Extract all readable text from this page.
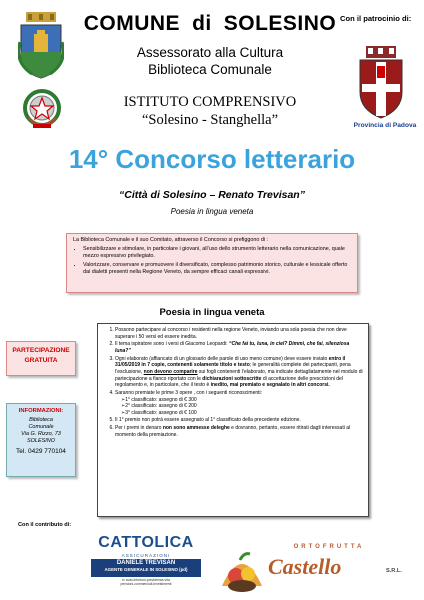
COMUNE di SOLESINO Con il patrocinio di:
Assessorato alla Cultura
Biblioteca Comunale
ISTITUTO COMPRENSIVO
“Solesino - Stanghella”	Provincia di Padova
14° Concorso letterario
“Città di Solesino – Renato Trevisan”
Poesia in lingua veneta
La Biblioteca Comunale e il suo Comitato, attraverso il Concorso si prefiggono di :
• Sensibilizzare e stimolare, in particolare i giovani, all’uso dello strumento letterario nella comunicazione, quale mezzo espressivo privilegiato.
• Valorizzare, conservare e promuovere il diversificato, complesso patrimonio storico, culturale e lessicale offerto dai dialetti presenti nella Regione Veneto, da sempre efficaci canali espressivi.
Poesia in lingua veneta
1. Possono partecipare al concorso i residenti nella regione Veneto, inviando una sola poesia che non deve superare i 50 versi ed essere inedita.
2. Il tema ispiratore sono i versi di Giacomo Leopardi: “Che fai tu, luna, in ciel? Dimmi, che fai, silenziosa luna?”
3. Ogni elaborato (affiancato di un glossario delle parole di uso meno comune) deve essere inviato entro il 31/05/2019 in 7 copie, contenenti solamente titolo e testo; le generalità complete dei partecipanti, pena l’esclusione, non devono comparire sui fogli contenenti l’elaborato, ma indicate dettagliatamente nel modulo di partecipazione a fianco riportato con le dichiarazioni sottoscritte di accettazione delle prescrizioni del regolamento e, in particolare, che il testo è inedito, mai premiato e segnalato in altri concorsi.
4. Saranno premiate le prime 3 opere , con i seguenti riconoscimenti:
➢ 1° classificato: assegno di € 300
➢ 2° classificato: assegno di € 200
➢ 3° classificato: assegno di € 100
5. Il 1° premio non potrà essere assegnato al 1° classificato della precedente edizione.
6. Per i premi in denaro non sono ammesse deleghe e dovranno, pertanto, essere ritirati dagli interessati al momento della premiazione.
PARTECIPAZIONE
GRATUITA
INFORMAZIONI:
Biblioteca
Comunale
Via G. Rizzo, 73
SOLESINO
Tel. 0429 770104
Con il contributo di:
CATTOLICA
ASSICURAZIONI
DANIELE TREVISAN
AGENTE GENERALE IN SOLESINO (pd)
rc auto-infortuni-previdenza-vita
pensioni-commerciali-investimenti
ORTOFRUTTA
Castello	S.R.L.
